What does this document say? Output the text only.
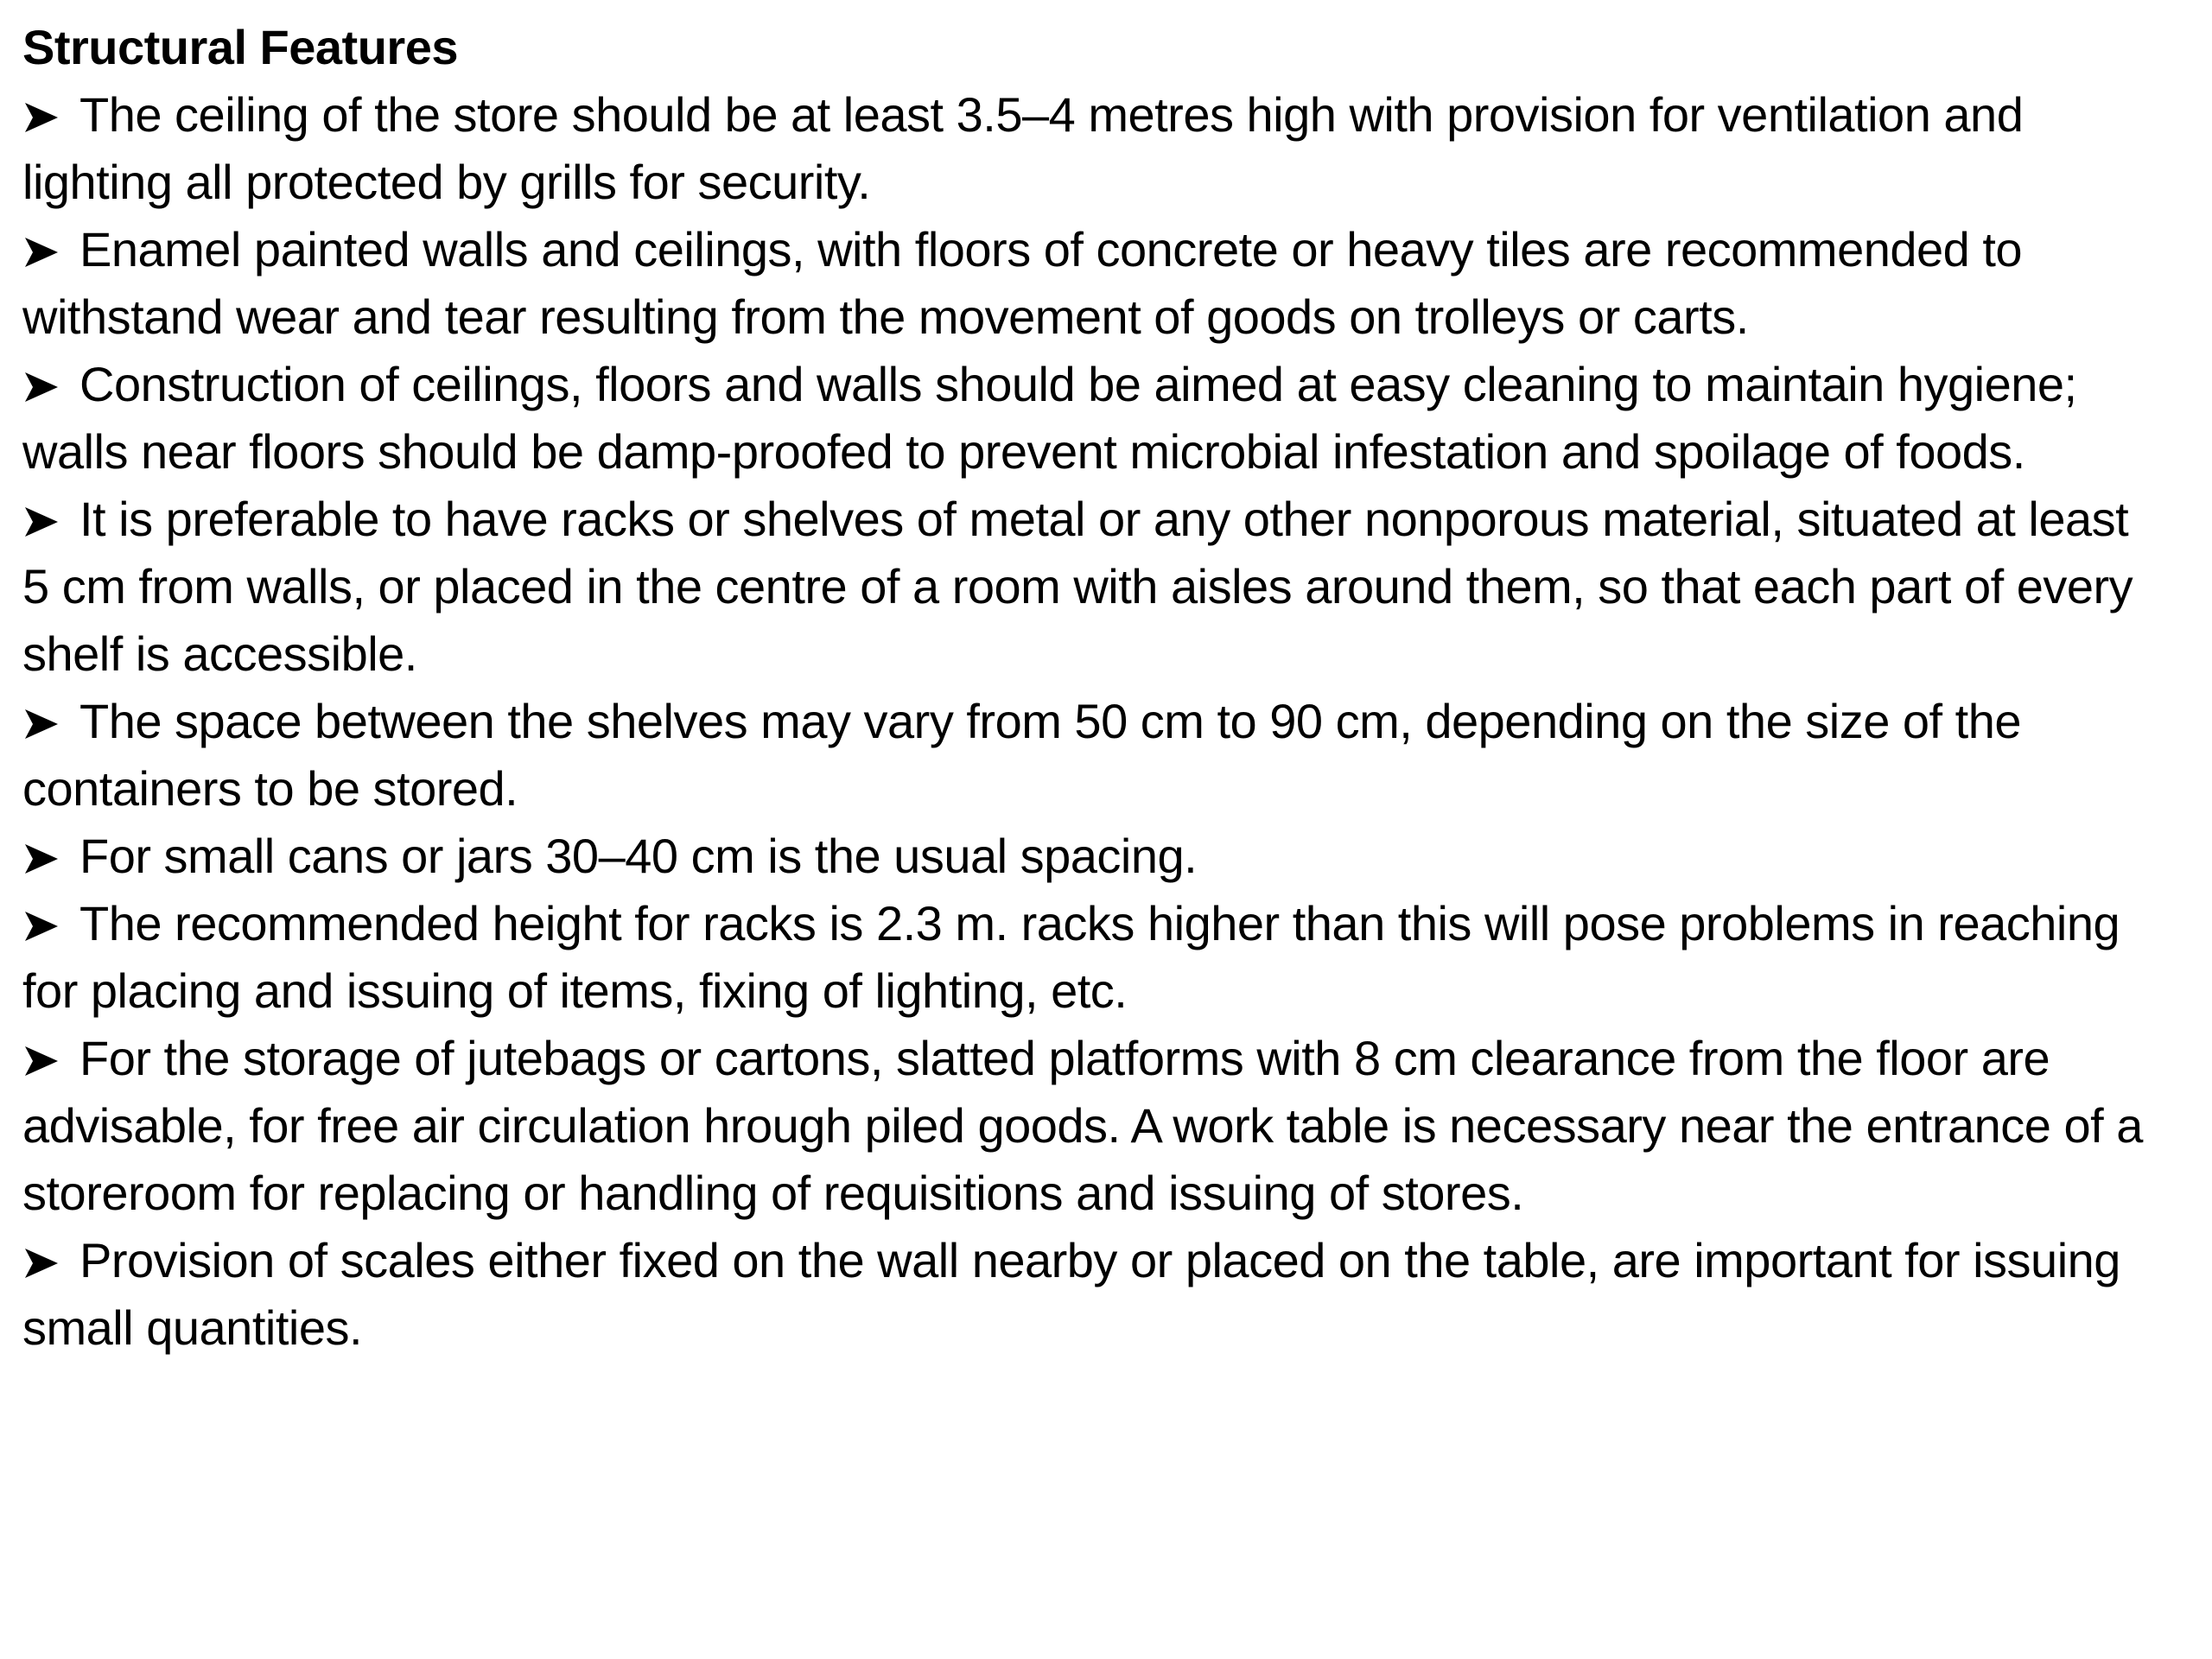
Structural Features
The ceiling of the store should be at least 3.5–4 metres high with provision for ventilation and lighting all protected by grills for security.
Enamel painted walls and ceilings, with floors of concrete or heavy tiles are recommended to withstand wear and tear resulting from the movement of goods on trolleys or carts.
Construction of ceilings, floors and walls should be aimed at easy cleaning to maintain hygiene; walls near floors should be damp-proofed to prevent microbial infestation and spoilage of foods.
It is preferable to have racks or shelves of metal or any other nonporous material, situated at least 5 cm from walls, or placed in the centre of a room with aisles around them, so that each part of every shelf is accessible.
The space between the shelves may vary from 50 cm to 90 cm, depending on the size of the containers to be stored.
For small cans or jars 30–40 cm is the usual spacing.
The recommended height for racks is 2.3 m. racks higher than this will pose problems in reaching for placing and issuing of items, fixing of lighting, etc.
For the storage of jutebags or cartons, slatted platforms with 8 cm clearance from the floor are advisable, for free air circulation hrough piled goods. A work table is necessary near the entrance of a storeroom for replacing or handling of requisitions and issuing of stores.
Provision of scales either fixed on the wall nearby or placed on the table, are important for issuing small quantities.
